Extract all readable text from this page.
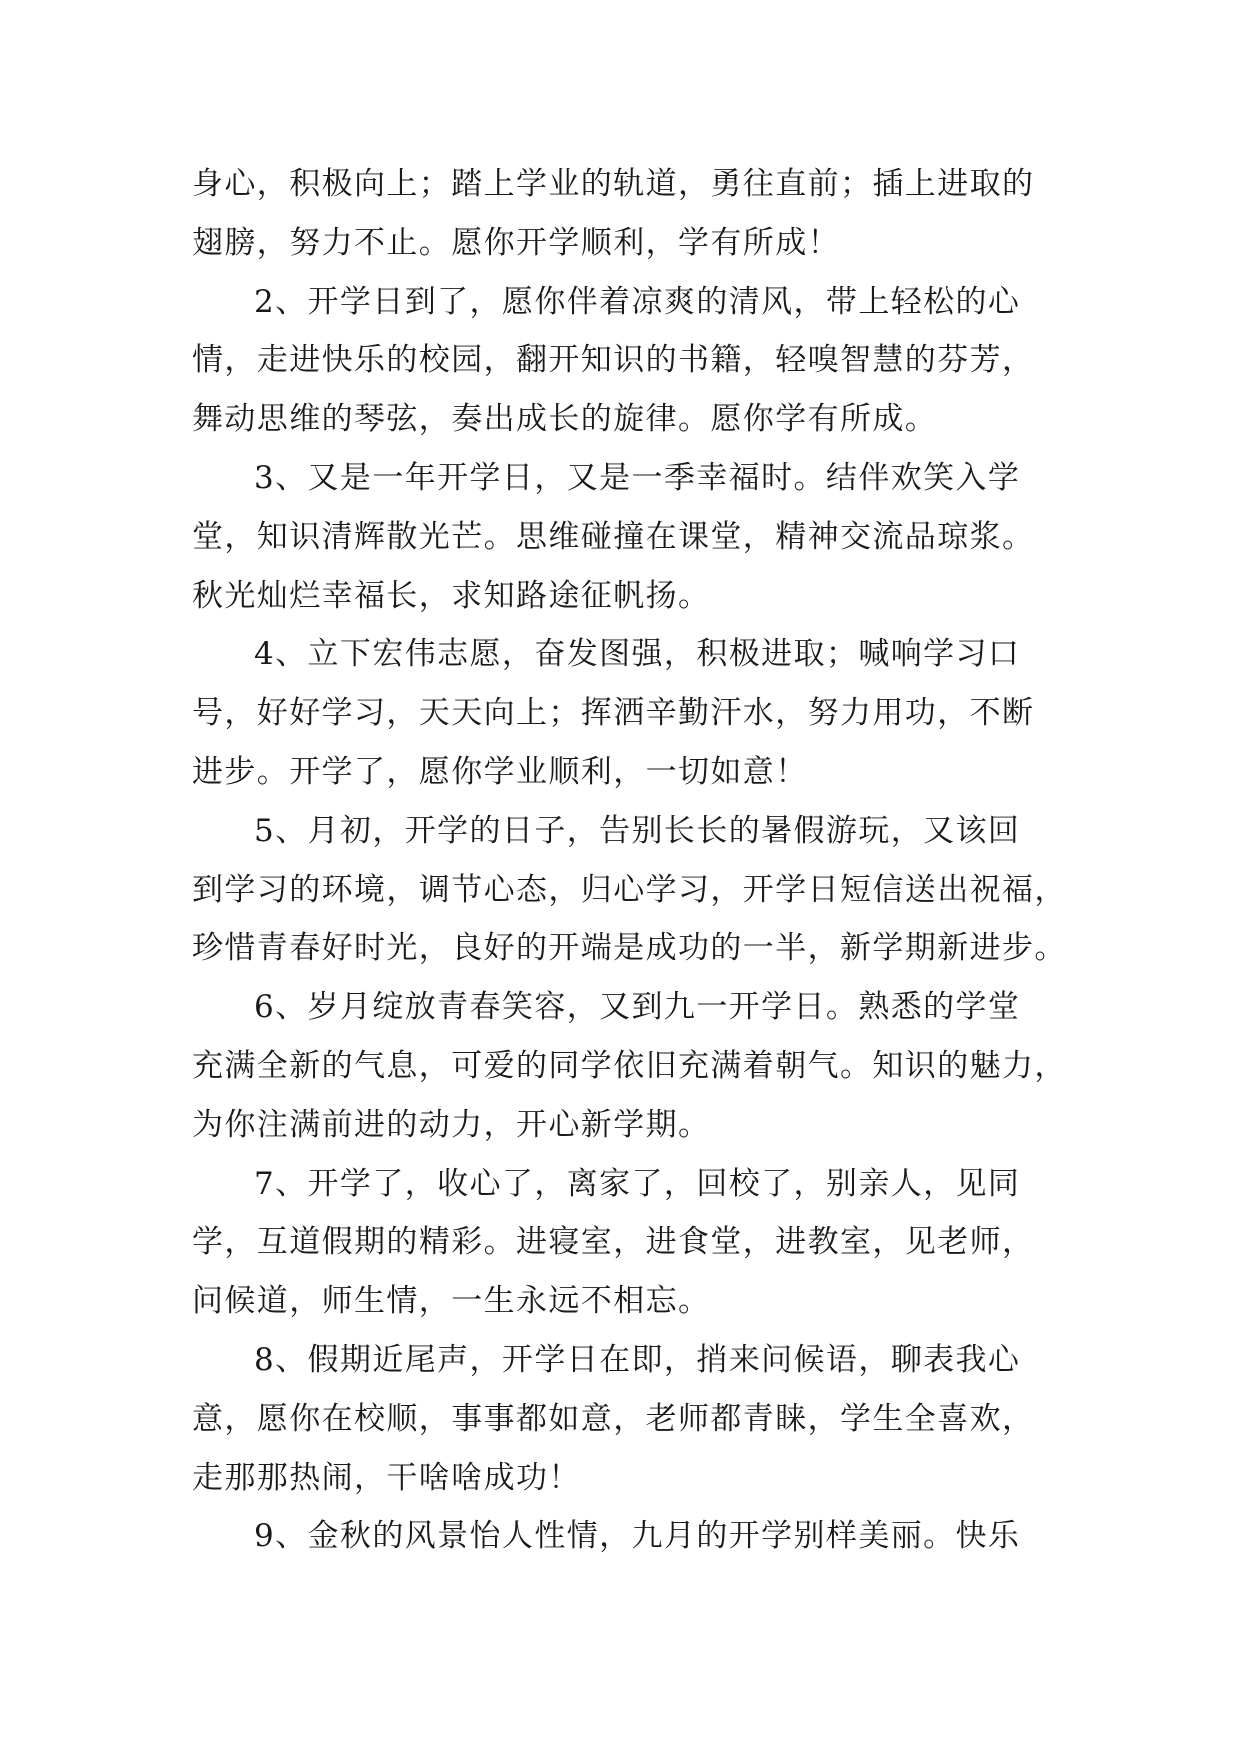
身心，积极向上；踏上学业的轨道，勇往直前；插上进取的
翅膀，努力不止。愿你开学顺利，学有所成！
2、开学日到了，愿你伴着凉爽的清风，带上轻松的心
情，走进快乐的校园，翻开知识的书籍，轻嗅智慧的芬芳，
舞动思维的琴弦，奏出成长的旋律。愿你学有所成。
3、又是一年开学日，又是一季幸福时。结伴欢笑入学
堂，知识清辉散光芒。思维碰撞在课堂，精神交流品琼浆。
秋光灿烂幸福长，求知路途征帆扬。
4、立下宏伟志愿，奋发图强，积极进取；喊响学习口
号，好好学习，天天向上；挥洒辛勤汗水，努力用功，不断
进步。开学了，愿你学业顺利，一切如意！
5、月初，开学的日子，告别长长的暑假游玩，又该回
到学习的环境，调节心态，归心学习，开学日短信送出祝福，
珍惜青春好时光，良好的开端是成功的一半，新学期新进步。
6、岁月绽放青春笑容，又到九一开学日。熟悉的学堂
充满全新的气息，可爱的同学依旧充满着朝气。知识的魅力，
为你注满前进的动力，开心新学期。
7、开学了，收心了，离家了，回校了，别亲人，见同
学，互道假期的精彩。进寝室，进食堂，进教室，见老师，
问候道，师生情，一生永远不相忘。
8、假期近尾声，开学日在即，捎来问候语，聊表我心
意，愿你在校顺，事事都如意，老师都青睐，学生全喜欢，
走那那热闹，干啥啥成功！
9、金秋的风景怡人性情，九月的开学别样美丽。快乐
